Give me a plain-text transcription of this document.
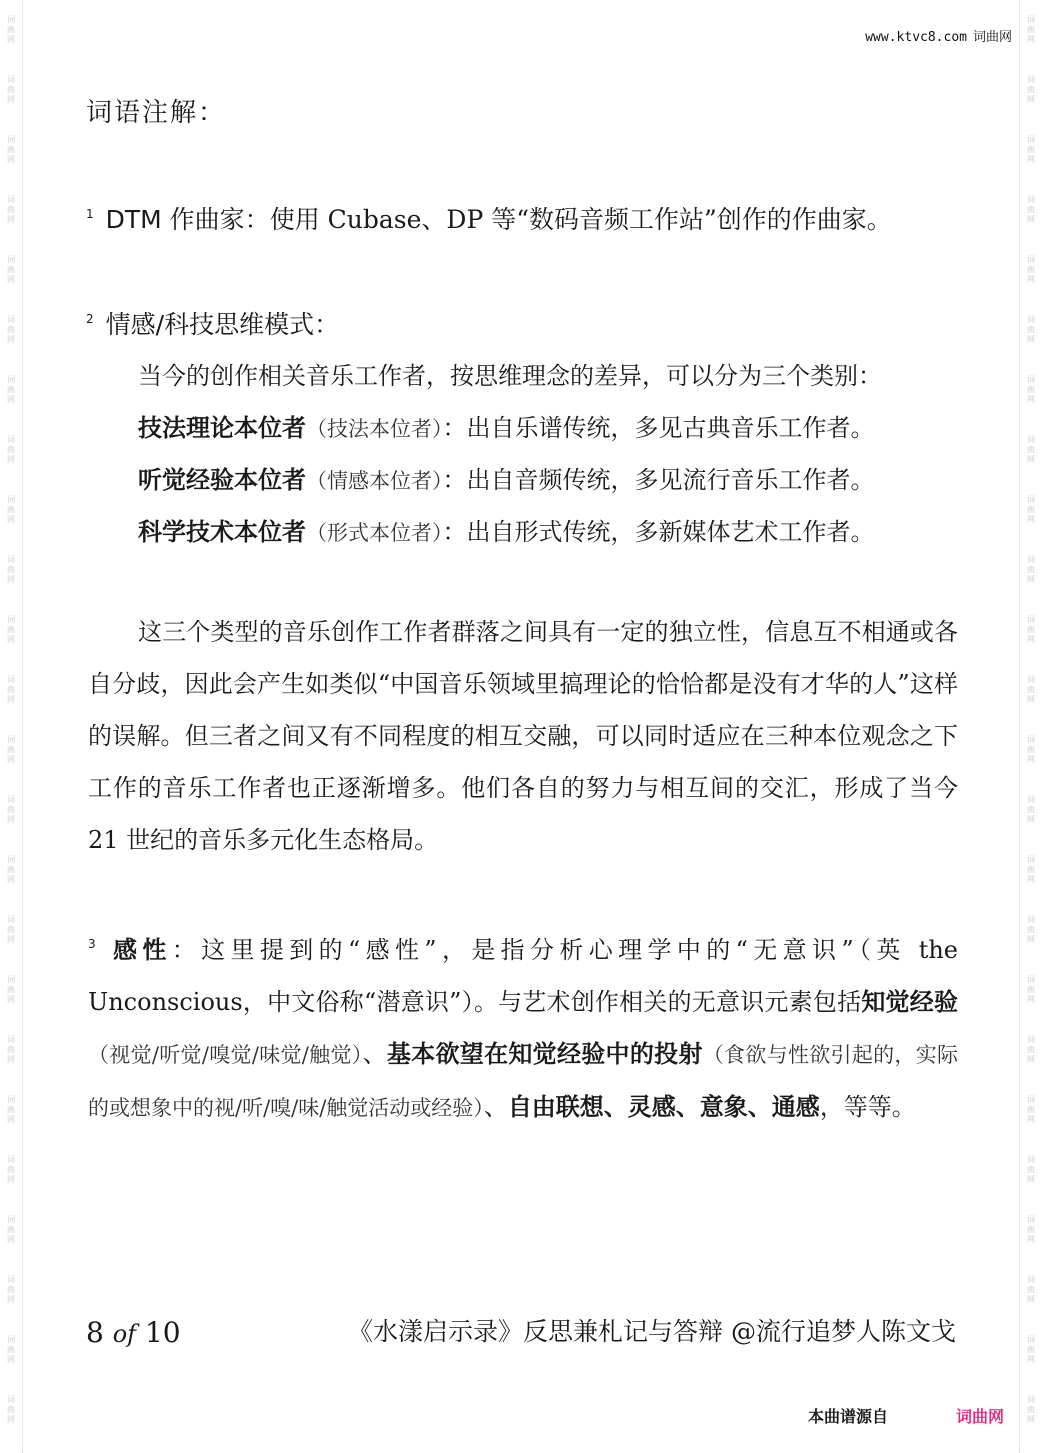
词曲网
词曲网
词曲网
词曲网
词曲网
词曲网
词曲网
词曲网
词曲网
词曲网
词曲网
词曲网
词曲网
词曲网
词曲网
词曲网
词曲网
词曲网
词曲网
词曲网
词曲网
词曲网
词曲网
词曲网
词曲网
词曲网
词曲网
词曲网
词曲网
词曲网
词曲网
词曲网
词曲网
词曲网
词曲网
词曲网
词曲网
词曲网
词曲网
词曲网
词曲网
词曲网
词曲网
词曲网
词曲网
词曲网
词曲网
词曲网
www.ktvc8.com 词曲网
词语注解：
$^1$ DTM 作曲家：使用 Cubase、DP 等“数码音频工作站”创作的作曲家。
$^2$ 情感/科技思维模式：
当今的创作相关音乐工作者，按思维理念的差异，可以分为三个类别：
技法理论本位者（技法本位者）：出自乐谱传统，多见古典音乐工作者。
听觉经验本位者（情感本位者）：出自音频传统，多见流行音乐工作者。
科学技术本位者（形式本位者）：出自形式传统，多新媒体艺术工作者。
这三个类型的音乐创作工作者群落之间具有一定的独立性，信息互不相通或各自分歧，因此会产生如类似“中国音乐领域里搞理论的恰恰都是没有才华的人”这样的误解。但三者之间又有不同程度的相互交融，可以同时适应在三种本位观念之下工作的音乐工作者也正逐渐增多。他们各自的努力与相互间的交汇，形成了当今 21 世纪的音乐多元化生态格局。
$^3$ 感性：这里提到的“感性”，是指分析心理学中的“无意识”（英 the Unconscious，中文俗称“潜意识”）。与艺术创作相关的无意识元素包括知觉经验（视觉/听觉/嗅觉/味觉/触觉）、基本欲望在知觉经验中的投射（食欲与性欲引起的，实际的或想象中的视/听/嗅/味/触觉活动或经验）、自由联想、灵感、意象、通感，等等。
8 of 10	《水漾启示录》反思兼札记与答辩 @流行追梦人陈文戈
本曲谱源自	词曲网
